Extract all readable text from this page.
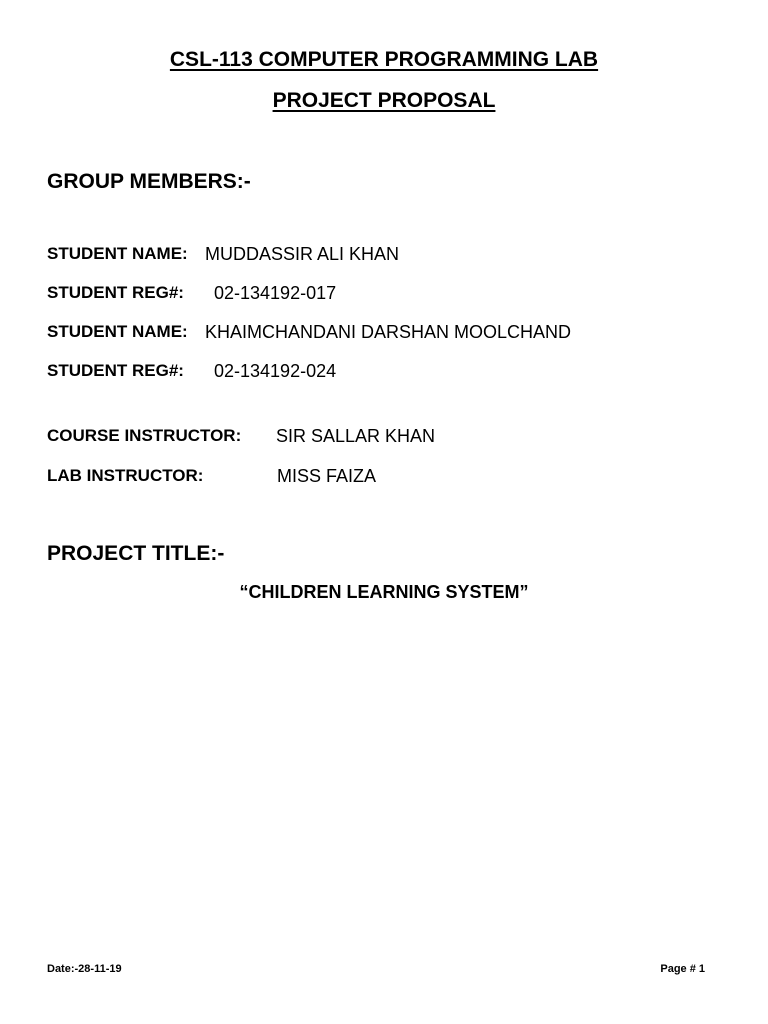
CSL-113 COMPUTER PROGRAMMING LAB
PROJECT PROPOSAL
GROUP MEMBERS:-
STUDENT NAME: MUDDASSIR ALI KHAN
STUDENT REG#: 02-134192-017
STUDENT NAME: KHAIMCHANDANI DARSHAN MOOLCHAND
STUDENT REG#: 02-134192-024
COURSE INSTRUCTOR: SIR SALLAR KHAN
LAB INSTRUCTOR:	MISS FAIZA
PROJECT TITLE:-
“CHILDREN LEARNING SYSTEM”
Date:-28-11-19	Page # 1
